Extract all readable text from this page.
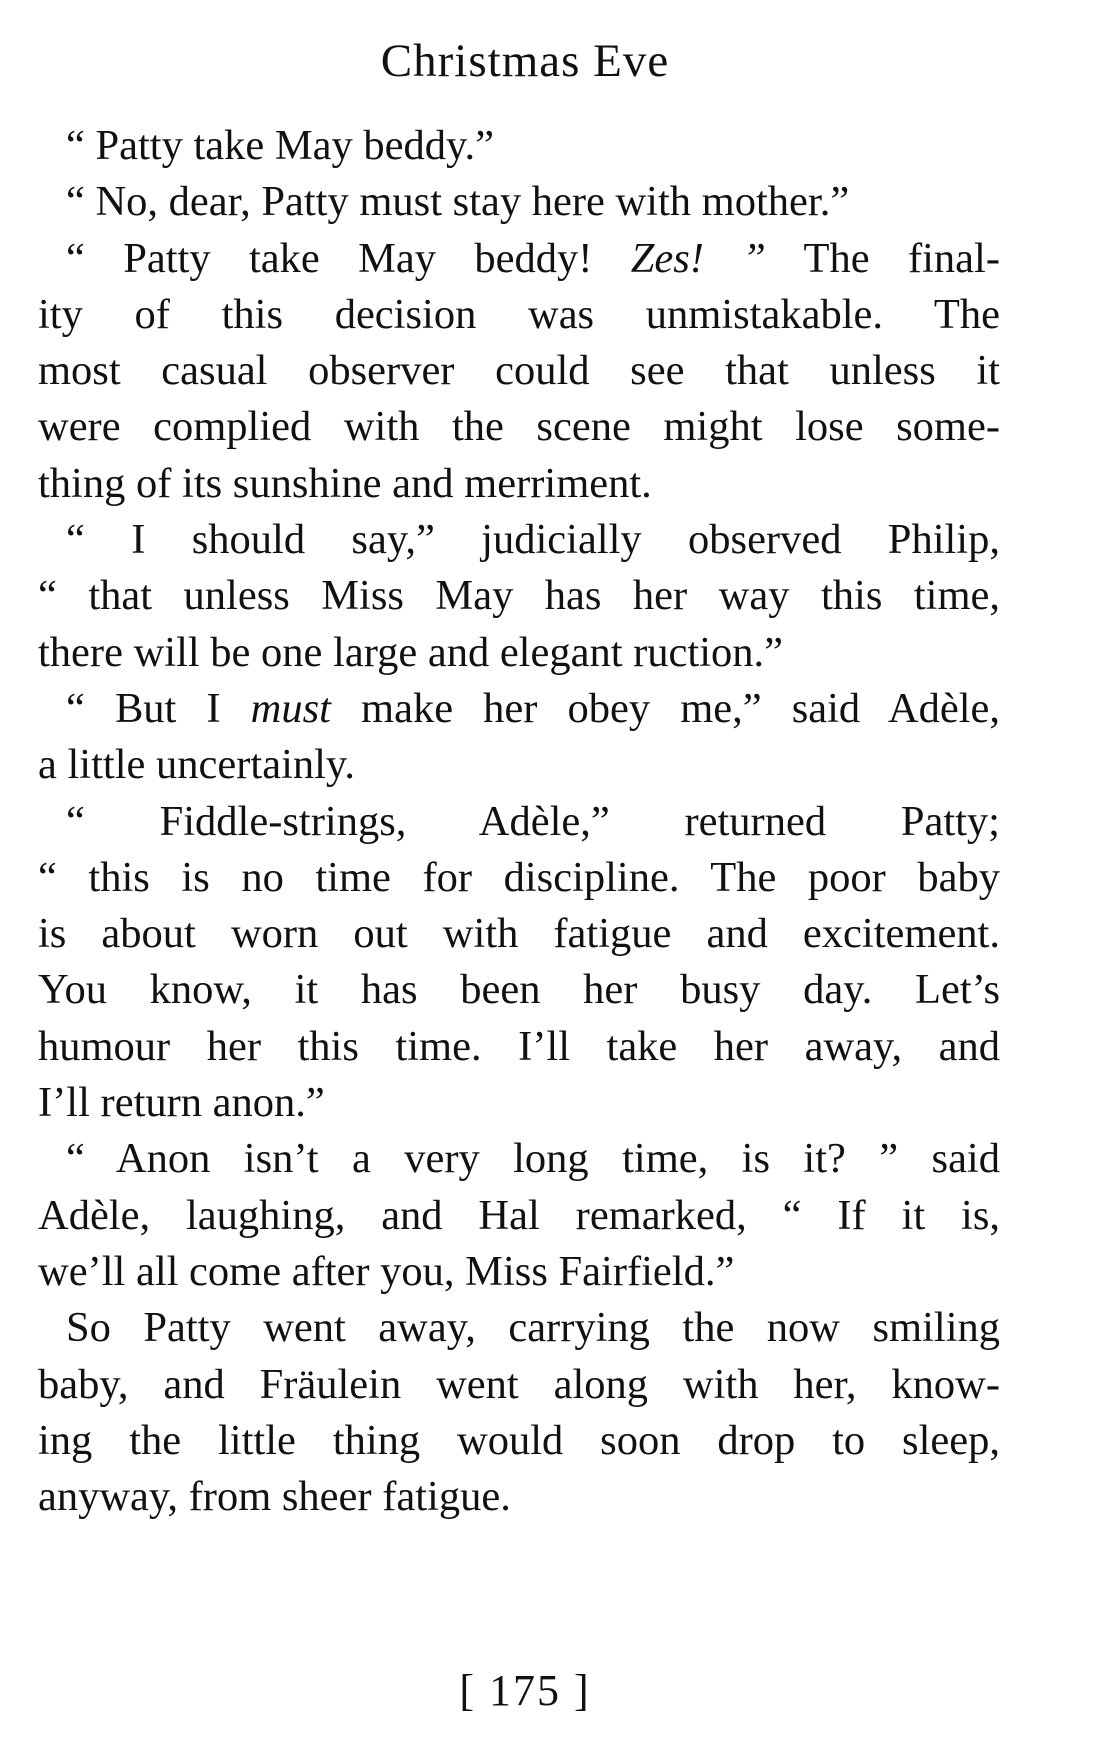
Christmas Eve
“ Patty take May beddy.”
“ No, dear, Patty must stay here with mother.”
“ Patty take May beddy! Zes! ” The final-
ity of this decision was unmistakable. The
most casual observer could see that unless it
were complied with the scene might lose some-
thing of its sunshine and merriment.
“ I should say,” judicially observed Philip,
“ that unless Miss May has her way this time,
there will be one large and elegant ruction.”
“ But I must make her obey me,” said Adèle,
a little uncertainly.
“ Fiddle-strings, Adèle,” returned Patty;
“ this is no time for discipline. The poor baby
is about worn out with fatigue and excitement.
You know, it has been her busy day. Let’s
humour her this time. I’ll take her away, and
I’ll return anon.”
“ Anon isn’t a very long time, is it? ” said
Adèle, laughing, and Hal remarked, “ If it is,
we’ll all come after you, Miss Fairfield.”
So Patty went away, carrying the now smiling
baby, and Fräulein went along with her, know-
ing the little thing would soon drop to sleep,
anyway, from sheer fatigue.
[ 175 ]
